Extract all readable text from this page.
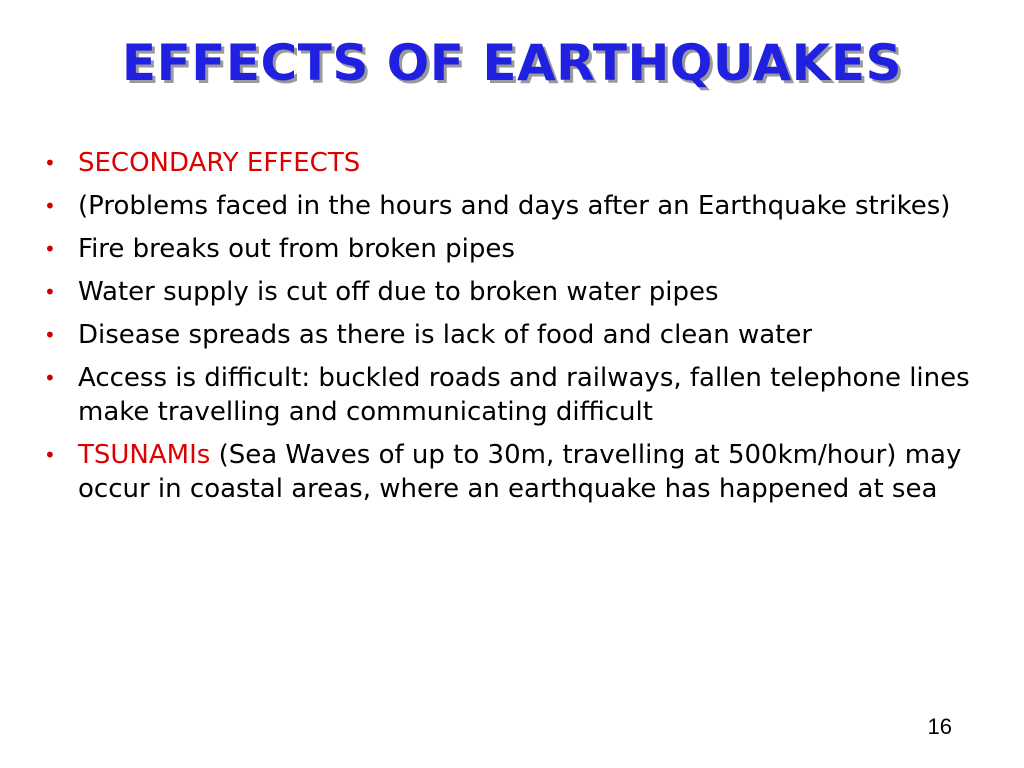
EFFECTS OF EARTHQUAKES
• SECONDARY EFFECTS
• (Problems faced in the hours and days after an Earthquake strikes)
• Fire breaks out from broken pipes
• Water supply is cut off due to broken water pipes
• Disease spreads as there is lack of food and clean water
• Access is difficult: buckled roads and railways, fallen telephone lines make travelling and communicating difficult
• TSUNAMIs (Sea Waves of up to 30m, travelling at 500km/hour) may occur in coastal areas, where an earthquake has happened at sea
16
